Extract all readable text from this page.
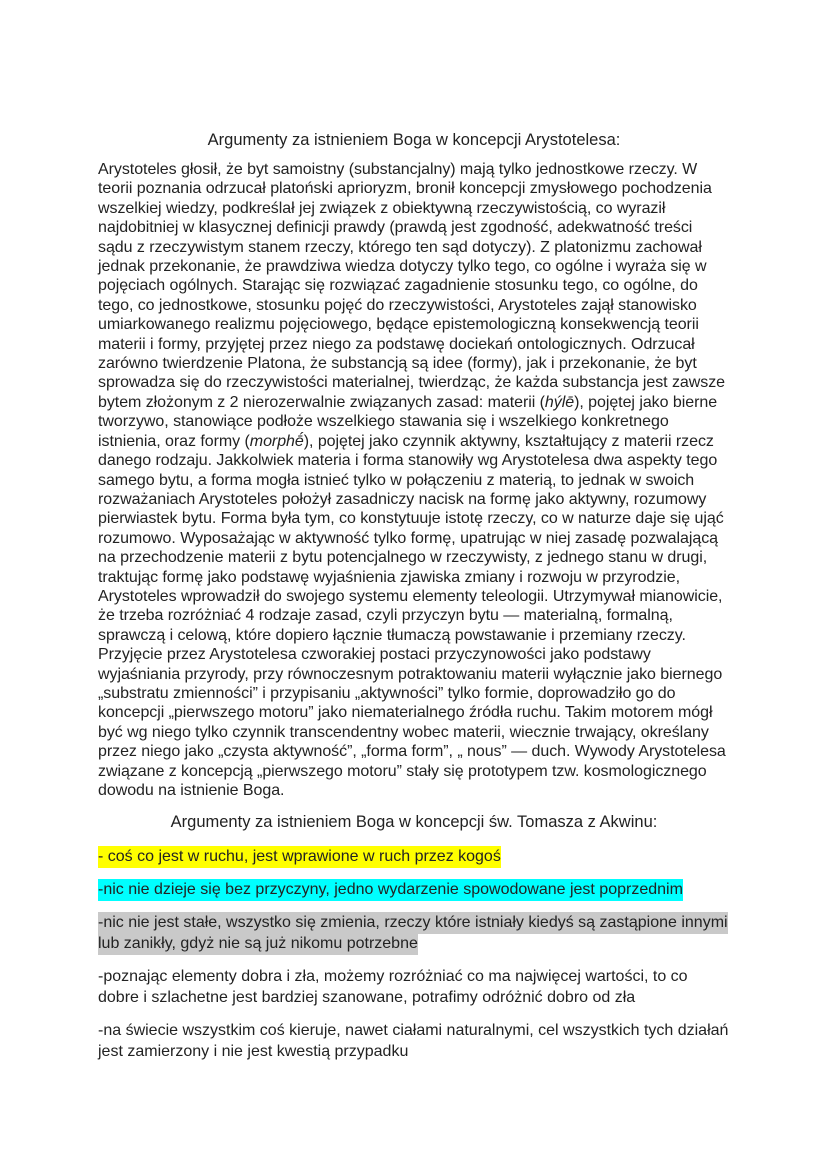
Argumenty za istnieniem Boga w koncepcji Arystotelesa:

Arystoteles głosił, że byt samoistny (substancjalny) mają tylko jednostkowe rzeczy. W teorii poznania odrzucał platoński aprioryzm, bronił koncepcji zmysłowego pochodzenia wszelkiej wiedzy, podkreślał jej związek z obiektywną rzeczywistością, co wyraził najdobitniej w klasycznej definicji prawdy (prawdą jest zgodność, adekwatność treści sądu z rzeczywistym stanem rzeczy, którego ten sąd dotyczy). Z platonizmu zachował jednak przekonanie, że prawdziwa wiedza dotyczy tylko tego, co ogólne i wyraża się w pojęciach ogólnych. Starając się rozwiązać zagadnienie stosunku tego, co ogólne, do tego, co jednostkowe, stosunku pojęć do rzeczywistości, Arystoteles zajął stanowisko umiarkowanego realizmu pojęciowego, będące epistemologiczną konsekwencją teorii materii i formy, przyjętej przez niego za podstawę dociekań ontologicznych. Odrzucał zarówno twierdzenie Platona, że substancją są idee (formy), jak i przekonanie, że byt sprowadza się do rzeczywistości materialnej, twierdząc, że każda substancja jest zawsze bytem złożonym z 2 nierozerwalnie związanych zasad: materii (hýlē), pojętej jako bierne tworzywo, stanowiące podłoże wszelkiego stawania się i wszelkiego konkretnego istnienia, oraz formy (morphḗ), pojętej jako czynnik aktywny, kształtujący z materii rzecz danego rodzaju. Jakkolwiek materia i forma stanowiły wg Arystotelesa dwa aspekty tego samego bytu, a forma mogła istnieć tylko w połączeniu z materią, to jednak w swoich rozważaniach Arystoteles położył zasadniczy nacisk na formę jako aktywny, rozumowy pierwiastek bytu. Forma była tym, co konstytuuje istotę rzeczy, co w naturze daje się ująć rozumowo. Wyposażając w aktywność tylko formę, upatrując w niej zasadę pozwalającą na przechodzenie materii z bytu potencjalnego w rzeczywisty, z jednego stanu w drugi, traktując formę jako podstawę wyjaśnienia zjawiska zmiany i rozwoju w przyrodzie, Arystoteles wprowadził do swojego systemu elementy teleologii. Utrzymywał mianowicie, że trzeba rozróżniać 4 rodzaje zasad, czyli przyczyn bytu — materialną, formalną, sprawczą i celową, które dopiero łącznie tłumaczą powstawanie i przemiany rzeczy. Przyjęcie przez Arystotelesa czworakiej postaci przyczynowości jako podstawy wyjaśniania przyrody, przy równoczesnym potraktowaniu materii wyłącznie jako biernego „substratu zmienności” i przypisaniu „aktywności” tylko formie, doprowadziło go do koncepcji „pierwszego motoru” jako niematerialnego źródła ruchu. Takim motorem mógł być wg niego tylko czynnik transcendentny wobec materii, wiecznie trwający, określany przez niego jako „czysta aktywność”, „forma form”, „ nous” — duch. Wywody Arystotelesa związane z koncepcją „pierwszego motoru” stały się prototypem tzw. kosmologicznego dowodu na istnienie Boga.

Argumenty za istnieniem Boga w koncepcji św. Tomasza z Akwinu:

- coś co jest w ruchu, jest wprawione w ruch przez kogoś

-nic nie dzieje się bez przyczyny, jedno wydarzenie spowodowane jest poprzednim

-nic nie jest stałe, wszystko się zmienia, rzeczy które istniały kiedyś są zastąpione innymi lub zanikły, gdyż nie są już nikomu potrzebne

-poznając elementy dobra i zła, możemy rozróżniać co ma najwięcej wartości, to co dobre i szlachetne jest bardziej szanowane, potrafimy odróżnić dobro od zła

-na świecie wszystkim coś kieruje, nawet ciałami naturalnymi, cel wszystkich tych działań jest zamierzony i nie jest kwestią przypadku
